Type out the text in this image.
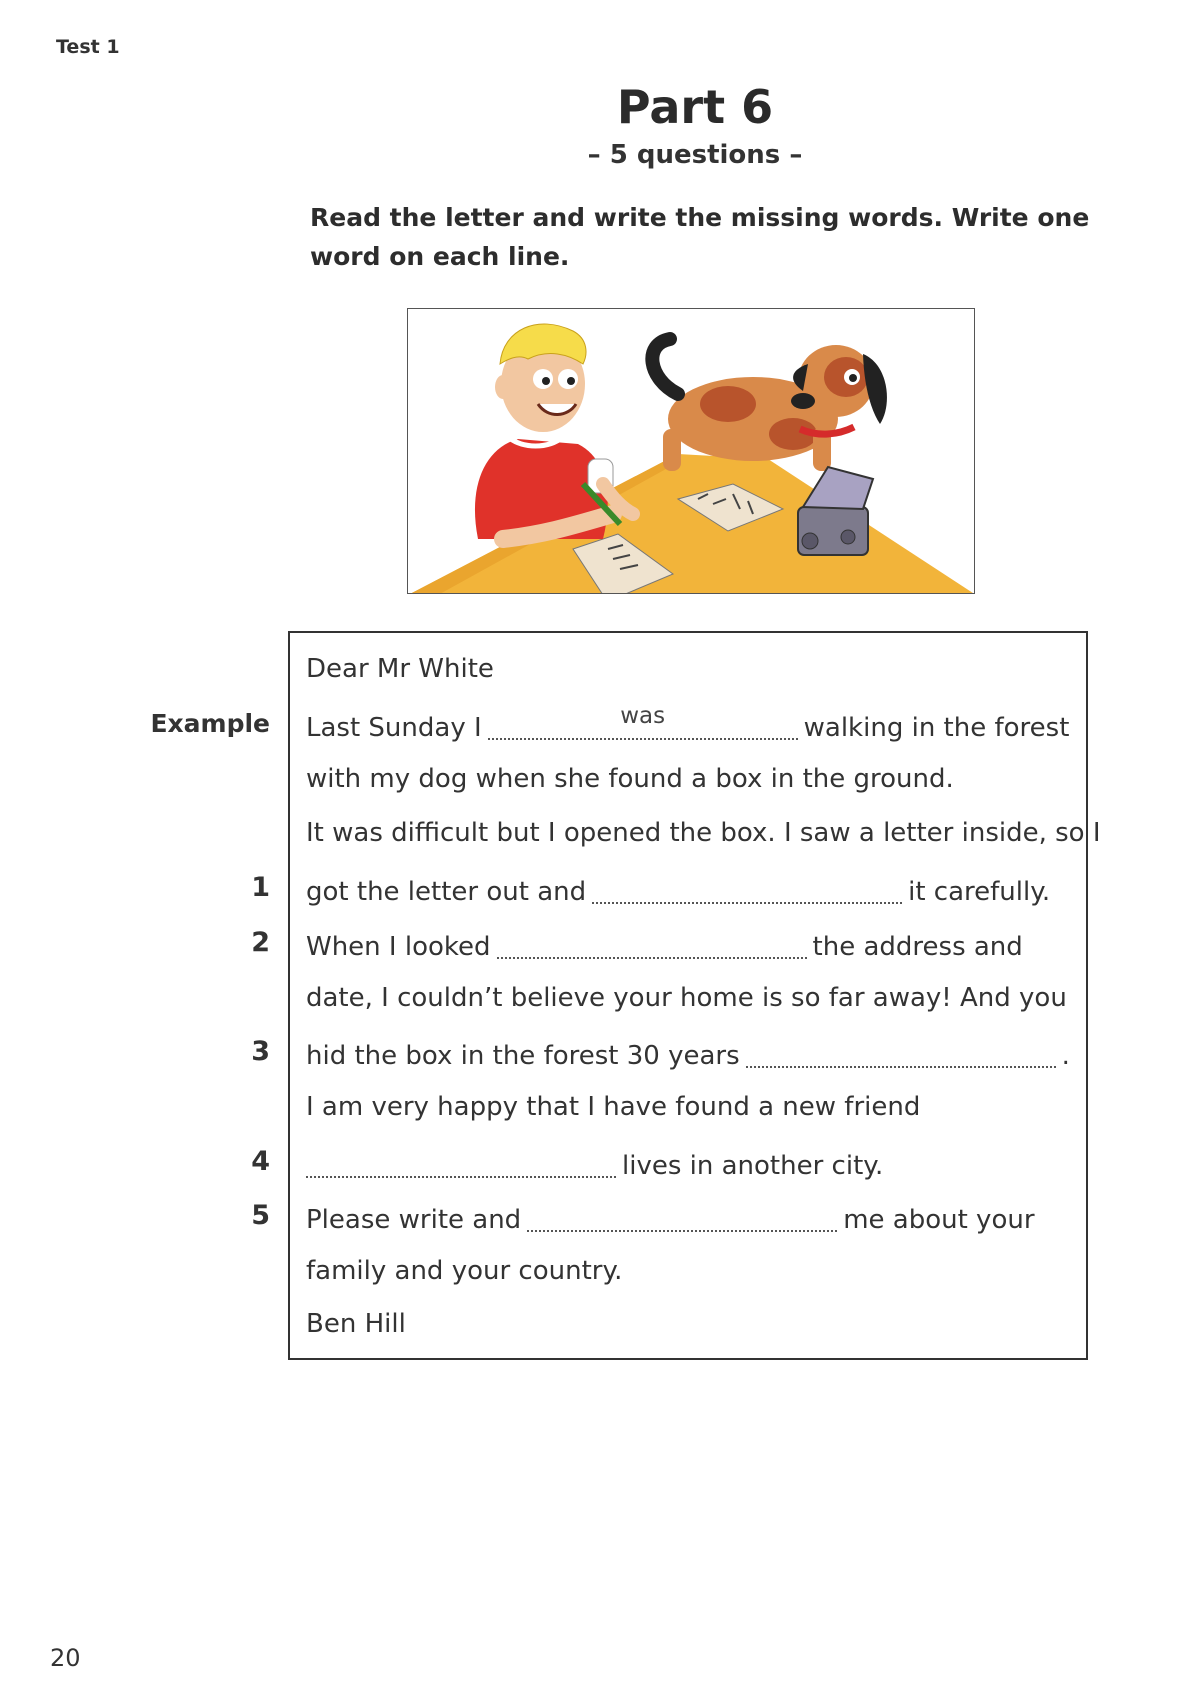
Test 1
Part 6
– 5 questions –
Read the letter and write the missing words. Write one word on each line.
Dear Mr White
Example Last Sunday I	was	walking in the forest
with my dog when she found a box in the ground.
It was difficult but I opened the box. I saw a letter inside, so I
1 got the letter out and	it carefully.
2 When I looked	the address and
date, I couldn’t believe your home is so far away! And you
3 hid the box in the forest 30 years	.
I am very happy that I have found a new friend
4	lives in another city.
5 Please write and	me about your
family and your country.
Ben Hill
20
